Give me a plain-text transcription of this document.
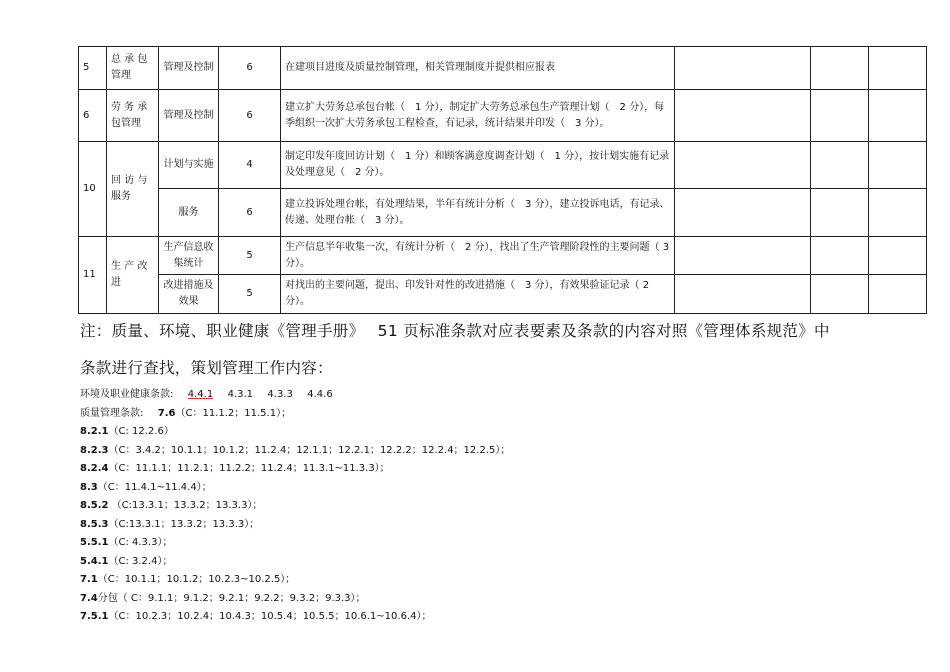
5	总 承 包 管理	管理及控制	6	在建项目进度及质量控制管理，相关管理制度并提供相应报表			
6	劳 务 承 包管理	管理及控制	6	建立扩大劳务总承包台帐（　1 分），制定扩大劳务总承包生产管理计划（　2 分），每季组织一次扩大劳务承包工程检查，有记录，统计结果并印发（　3 分）。			
10	回 访 与 服务	计划与实施	4	制定印发年度回访计划（　1 分）和顾客满意度调查计划（　1 分），按计划实施有记录及处理意见（　2 分）。			
		服务	6	建立投诉处理台帐，有处理结果，半年有统计分析（　3 分），建立投诉电话，有记录、传递、处理台帐（　3 分）。			
11	生 产 改 进	生产信息收集统计	5	生产信息半年收集一次，有统计分析（　2 分），找出了生产管理阶段性的主要问题（ 3 分）。			
		改进措施及效果	5	对找出的主要问题，提出、印发针对性的改进措施（　3 分），有效果验证记录（ 2 分）。			
注：质量、环境、职业健康《管理手册》　 51 页标准条款对应表要素及条款的内容对照《管理体系规范》中
条款进行查找，策划管理工作内容：
环境及职业健康条款: 4.4.1 4.3.1 4.3.3 4.4.6
质量管理条款: 7.6（C：11.1.2；11.5.1）；
8.2.1（C: 12.2.6）
8.2.3（C：3.4.2；10.1.1；10.1.2；11.2.4；12.1.1；12.2.1；12.2.2；12.2.4；12.2.5）；
8.2.4（C：11.1.1；11.2.1；11.2.2；11.2.4；11.3.1~11.3.3）；
8.3（C：11.4.1~11.4.4）；
8.5.2 （C:13.3.1；13.3.2；13.3.3）；
8.5.3（C:13.3.1；13.3.2；13.3.3）；
5.5.1（C: 4.3.3）；
5.4.1（C: 3.2.4）；
7.1（C：10.1.1；10.1.2；10.2.3~10.2.5）；
7.4分包（ C：9.1.1；9.1.2；9.2.1；9.2.2；9.3.2；9.3.3）；
7.5.1（C：10.2.3；10.2.4；10.4.3；10.5.4；10.5.5；10.6.1~10.6.4）；
